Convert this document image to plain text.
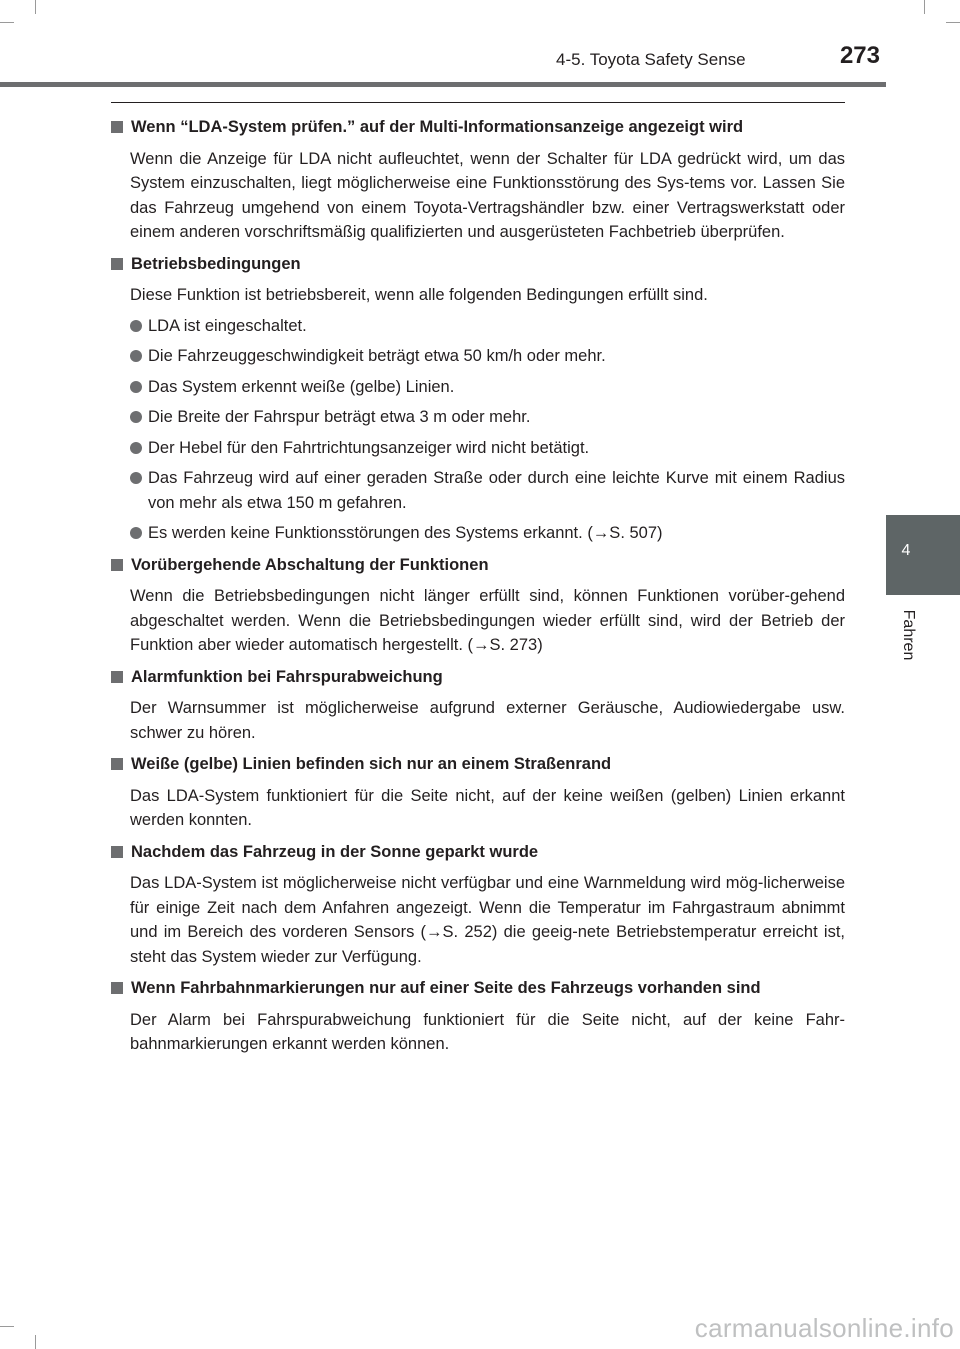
4-5. Toyota Safety Sense	273
4
Fahren
Wenn “LDA-System prüfen.” auf der Multi-Informationsanzeige angezeigt wird
Wenn die Anzeige für LDA nicht aufleuchtet, wenn der Schalter für LDA gedrückt wird, um das System einzuschalten, liegt möglicherweise eine Funktionsstörung des Sys-tems vor. Lassen Sie das Fahrzeug umgehend von einem Toyota-Vertragshändler bzw. einer Vertragswerkstatt oder einem anderen vorschriftsmäßig qualifizierten und ausgerüsteten Fachbetrieb überprüfen.
Betriebsbedingungen
Diese Funktion ist betriebsbereit, wenn alle folgenden Bedingungen erfüllt sind.
LDA ist eingeschaltet.
Die Fahrzeuggeschwindigkeit beträgt etwa 50 km/h oder mehr.
Das System erkennt weiße (gelbe) Linien.
Die Breite der Fahrspur beträgt etwa 3 m oder mehr.
Der Hebel für den Fahrtrichtungsanzeiger wird nicht betätigt.
Das Fahrzeug wird auf einer geraden Straße oder durch eine leichte Kurve mit einem Radius von mehr als etwa 150 m gefahren.
Es werden keine Funktionsstörungen des Systems erkannt. (→S. 507)
Vorübergehende Abschaltung der Funktionen
Wenn die Betriebsbedingungen nicht länger erfüllt sind, können Funktionen vorüber-gehend abgeschaltet werden. Wenn die Betriebsbedingungen wieder erfüllt sind, wird der Betrieb der Funktion aber wieder automatisch hergestellt. (→S. 273)
Alarmfunktion bei Fahrspurabweichung
Der Warnsummer ist möglicherweise aufgrund externer Geräusche, Audiowiedergabe usw. schwer zu hören.
Weiße (gelbe) Linien befinden sich nur an einem Straßenrand
Das LDA-System funktioniert für die Seite nicht, auf der keine weißen (gelben) Linien erkannt werden konnten.
Nachdem das Fahrzeug in der Sonne geparkt wurde
Das LDA-System ist möglicherweise nicht verfügbar und eine Warnmeldung wird mög-licherweise für einige Zeit nach dem Anfahren angezeigt. Wenn die Temperatur im Fahrgastraum abnimmt und im Bereich des vorderen Sensors (→S. 252) die geeig-nete Betriebstemperatur erreicht ist, steht das System wieder zur Verfügung.
Wenn Fahrbahnmarkierungen nur auf einer Seite des Fahrzeugs vorhanden sind
Der Alarm bei Fahrspurabweichung funktioniert für die Seite nicht, auf der keine Fahr-bahnmarkierungen erkannt werden können.
carmanualsonline.info
